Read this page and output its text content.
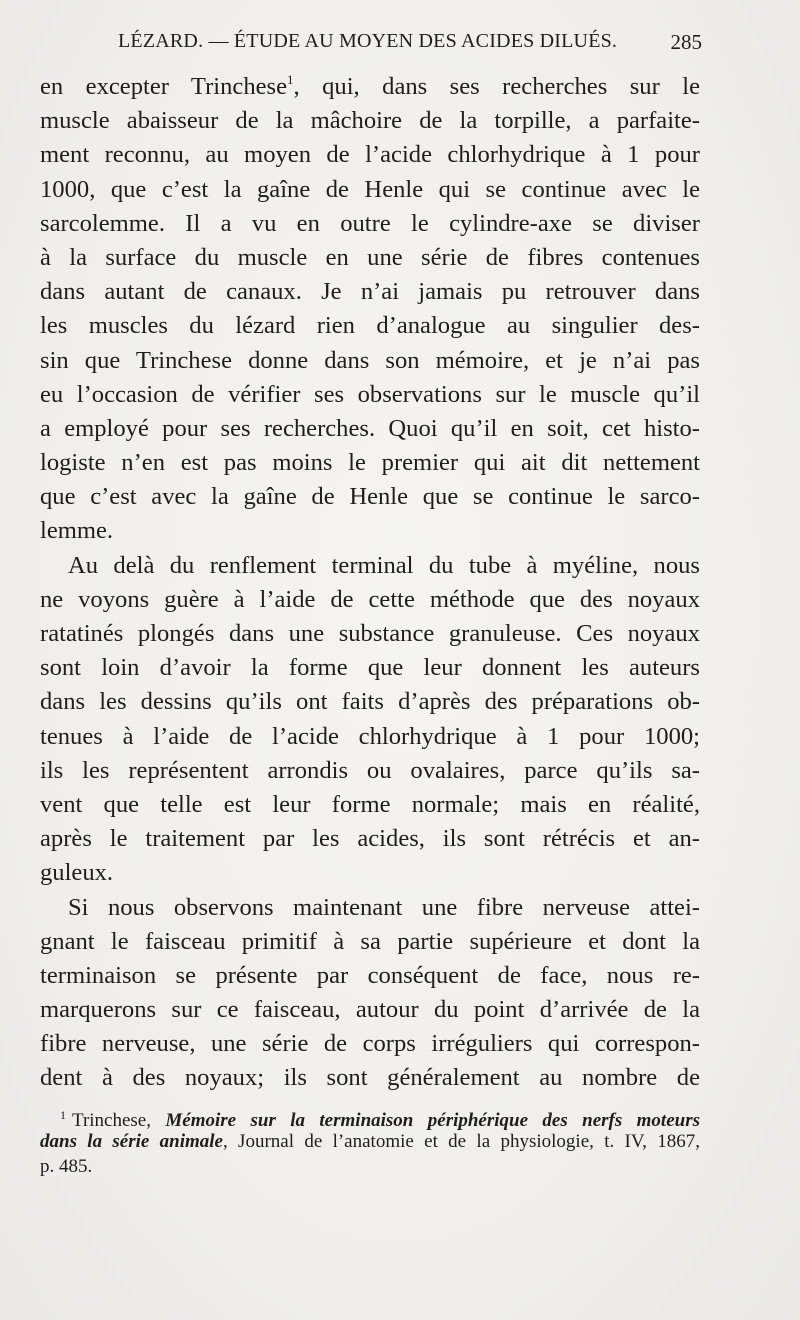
LÉZARD. — ÉTUDE AU MOYEN DES ACIDES DILUÉS.	285
en excepter Trinchese$^1$, qui, dans ses recherches sur le
muscle abaisseur de la mâchoire de la torpille, a parfaite-
ment reconnu, au moyen de l’acide chlorhydrique à 1 pour
1000, que c’est la gaîne de Henle qui se continue avec le
sarcolemme. Il a vu en outre le cylindre-axe se diviser
à la surface du muscle en une série de fibres contenues
dans autant de canaux. Je n’ai jamais pu retrouver dans
les muscles du lézard rien d’analogue au singulier des-
sin que Trinchese donne dans son mémoire, et je n’ai pas
eu l’occasion de vérifier ses observations sur le muscle qu’il
a employé pour ses recherches. Quoi qu’il en soit, cet histo-
logiste n’en est pas moins le premier qui ait dit nettement
que c’est avec la gaîne de Henle que se continue le sarco-
lemme.
Au delà du renflement terminal du tube à myéline, nous
ne voyons guère à l’aide de cette méthode que des noyaux
ratatinés plongés dans une substance granuleuse. Ces noyaux
sont loin d’avoir la forme que leur donnent les auteurs
dans les dessins qu’ils ont faits d’après des préparations ob-
tenues à l’aide de l’acide chlorhydrique à 1 pour 1000;
ils les représentent arrondis ou ovalaires, parce qu’ils sa-
vent que telle est leur forme normale; mais en réalité,
après le traitement par les acides, ils sont rétrécis et an-
guleux.
Si nous observons maintenant une fibre nerveuse attei-
gnant le faisceau primitif à sa partie supérieure et dont la
terminaison se présente par conséquent de face, nous re-
marquerons sur ce faisceau, autour du point d’arrivée de la
fibre nerveuse, une série de corps irréguliers qui correspon-
dent à des noyaux; ils sont généralement au nombre de
$^1$ Trinchese, Mémoire sur la terminaison périphérique des nerfs moteurs
dans la série animale, Journal de l’anatomie et de la physiologie, t. IV, 1867,
p. 485.
